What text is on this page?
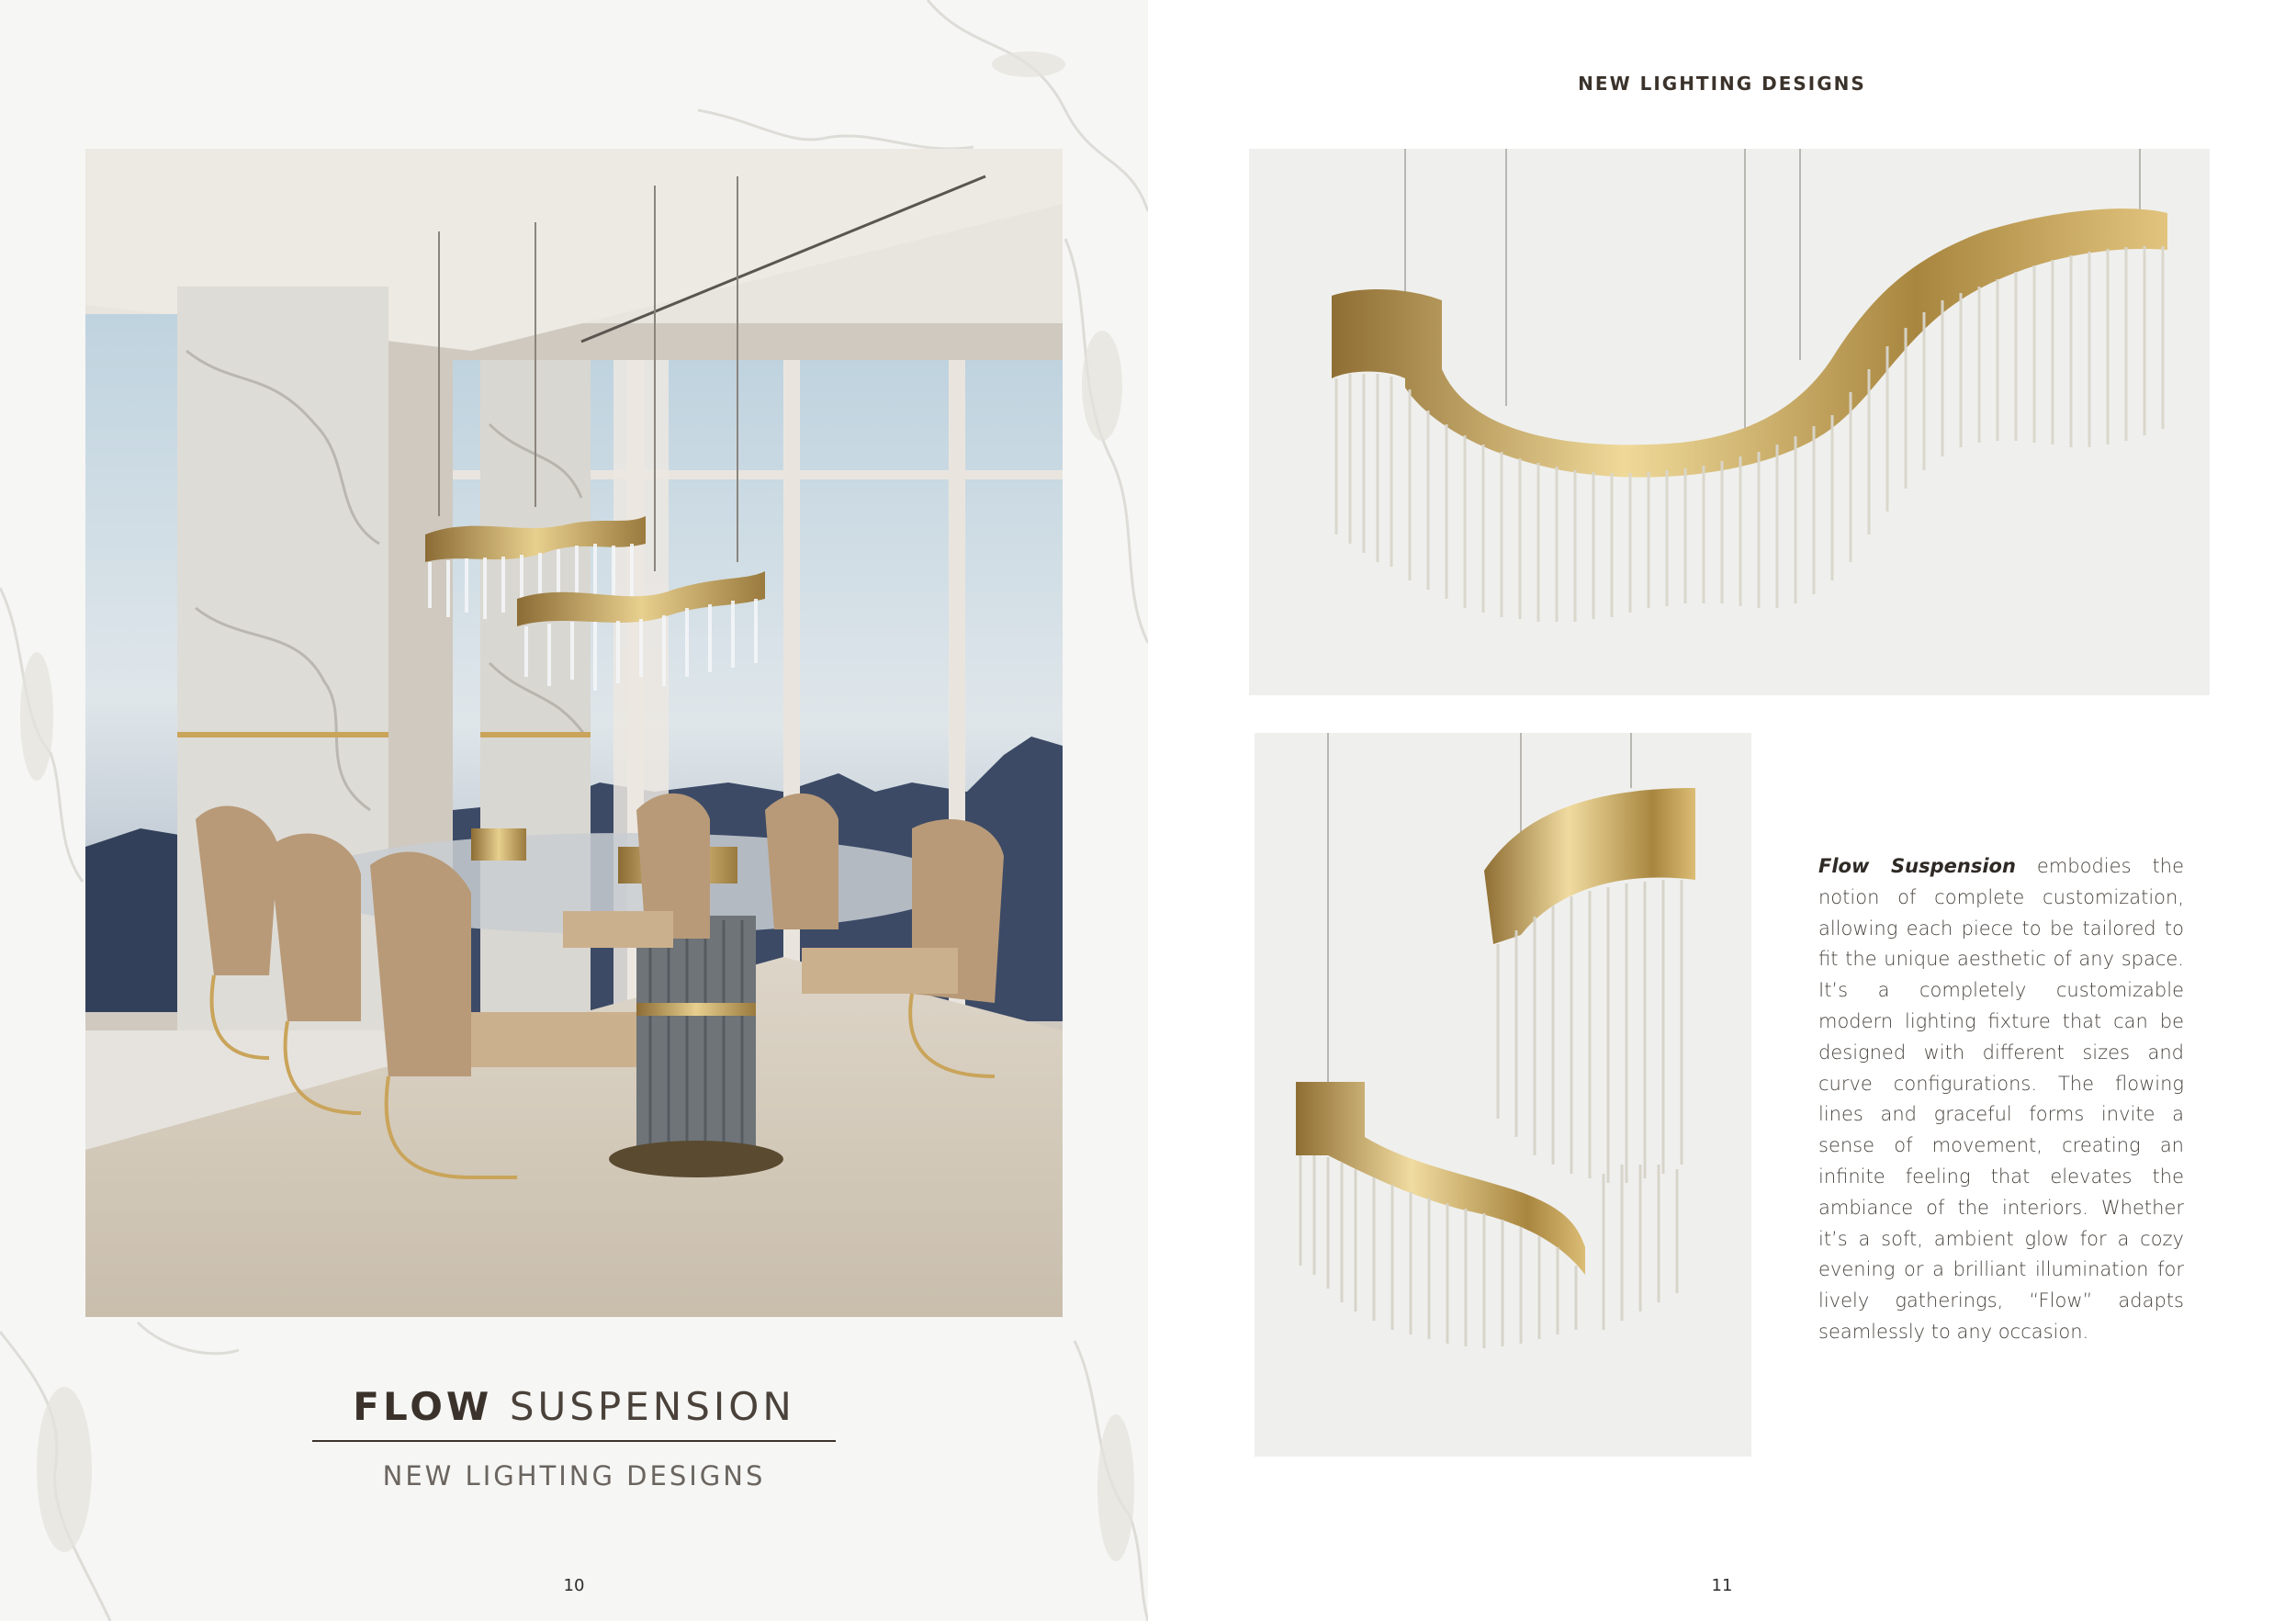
FLOW SUSPENSION
NEW LIGHTING DESIGNS
10
NEW LIGHTING DESIGNS

Flow Suspension embodies the notion of complete customization, allowing each piece to be tailored to fit the unique aesthetic of any space. It’s a completely customizable modern lighting fixture that can be designed with different sizes and curve configurations. The flowing lines and graceful forms invite a sense of movement, creating an infinite feeling that elevates the ambiance of the interiors. Whether it’s a soft, ambient glow for a cozy evening or a brilliant illumination for lively gatherings, “Flow” adapts seamlessly to any occasion.

11
